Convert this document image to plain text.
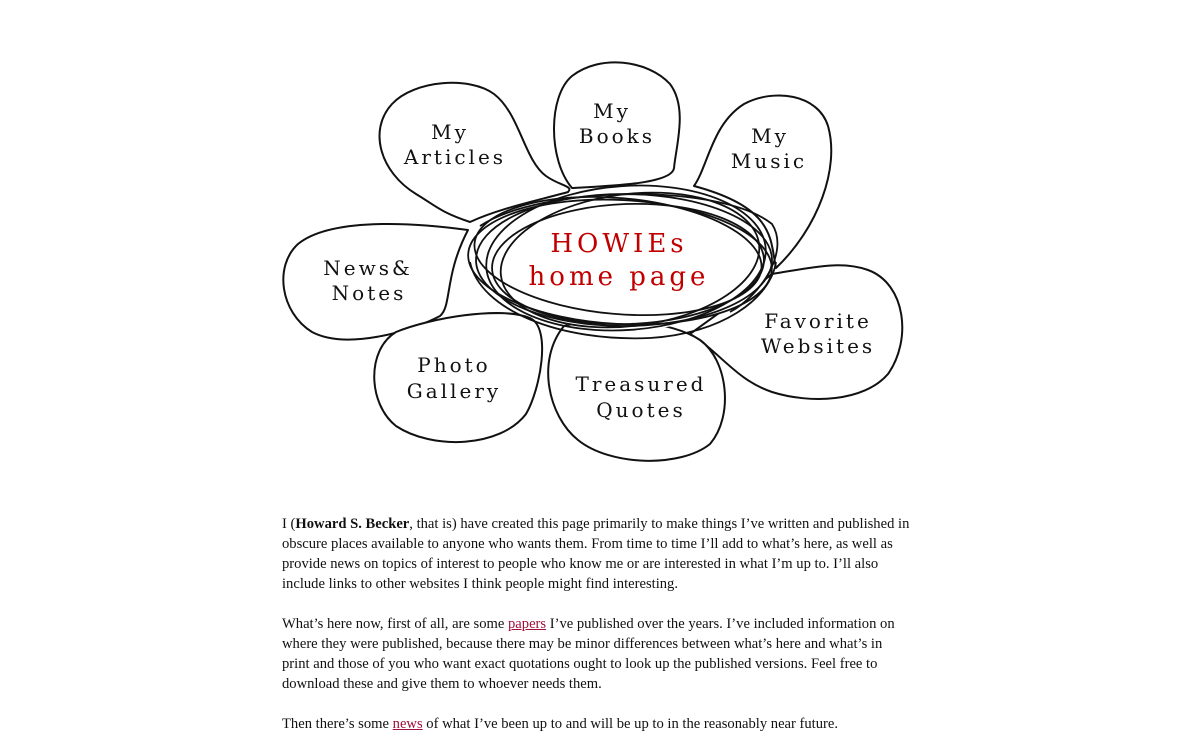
My
Books
My
Articles
My
Music
News&
Notes
Favorite
Websites
Photo
Gallery	Treasured
Quotes
HOWIEs
home page

I (Howard S. Becker, that is) have created this page primarily to make things I’ve written and published in obscure places available to anyone who wants them. From time to time I’ll add to what’s here, as well as provide news on topics of interest to people who know me or are interested in what I’m up to. I’ll also include links to other websites I think people might find interesting.

What’s here now, first of all, are some papers I’ve published over the years. I’ve included information on where they were published, because there may be minor differences between what’s here and what’s in print and those of you who want exact quotations ought to look up the published versions. Feel free to download these and give them to whoever needs them.

Then there’s some news of what I’ve been up to and will be up to in the reasonably near future.
